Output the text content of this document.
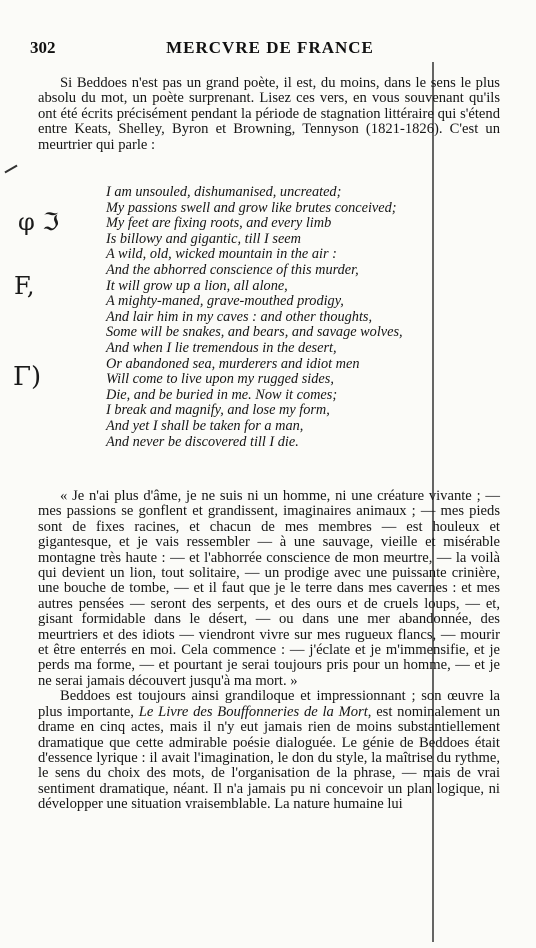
302	MERCVRE DE FRANCE
φ ℑ
F,
Γ)

Si Beddoes n'est pas un grand poète, il est, du moins, dans le sens le plus absolu du mot, un poète surprenant. Lisez ces vers, en vous souvenant qu'ils ont été écrits précisément pendant la période de stagnation littéraire qui s'étend entre Keats, Shelley, Byron et Browning, Tennyson (1821-1826). C'est un meurtrier qui parle :

I am unsouled, dishumanised, uncreated;
My passions swell and grow like brutes conceived;
My feet are fixing roots, and every limb
Is billowy and gigantic, till I seem
A wild, old, wicked mountain in the air :
And the abhorred conscience of this murder,
It will grow up a lion, all alone,
A mighty-maned, grave-mouthed prodigy,
And lair him in my caves : and other thoughts,
Some will be snakes, and bears, and savage wolves,
And when I lie tremendous in the desert,
Or abandoned sea, murderers and idiot men
Will come to live upon my rugged sides,
Die, and be buried in me. Now it comes;
I break and magnify, and lose my form,
And yet I shall be taken for a man,
And never be discovered till I die.

« Je n'ai plus d'âme, je ne suis ni un homme, ni une créature vivante ; — mes passions se gonflent et grandissent, imaginaires animaux ; — mes pieds sont de fixes racines, et chacun de mes membres — est houleux et gigantesque, et je vais ressembler — à une sauvage, vieille et misérable montagne très haute : — et l'abhorrée conscience de mon meurtre, — la voilà qui devient un lion, tout solitaire, — un prodige avec une puissante crinière, une bouche de tombe, — et il faut que je le terre dans mes cavernes : et mes autres pensées — seront des serpents, et des ours et de cruels loups, — et, gisant formidable dans le désert, — ou dans une mer abandonnée, des meurtriers et des idiots — viendront vivre sur mes rugueux flancs, — mourir et être enterrés en moi. Cela commence : — j'éclate et je m'immensifie, et je perds ma forme, — et pourtant je serai toujours pris pour un homme, — et je ne serai jamais découvert jusqu'à ma mort. »

Beddoes est toujours ainsi grandiloque et impressionnant ; son œuvre la plus importante, Le Livre des Bouffonneries de la Mort, est nominalement un drame en cinq actes, mais il n'y eut jamais rien de moins substantiellement dramatique que cette admirable poésie dialoguée. Le génie de Beddoes était d'essence lyrique : il avait l'imagination, le don du style, la maîtrise du rythme, le sens du choix des mots, de l'organisation de la phrase, — mais de vrai sentiment dramatique, néant. Il n'a jamais pu ni concevoir un plan logique, ni développer une situation vraisemblable. La nature humaine lui
